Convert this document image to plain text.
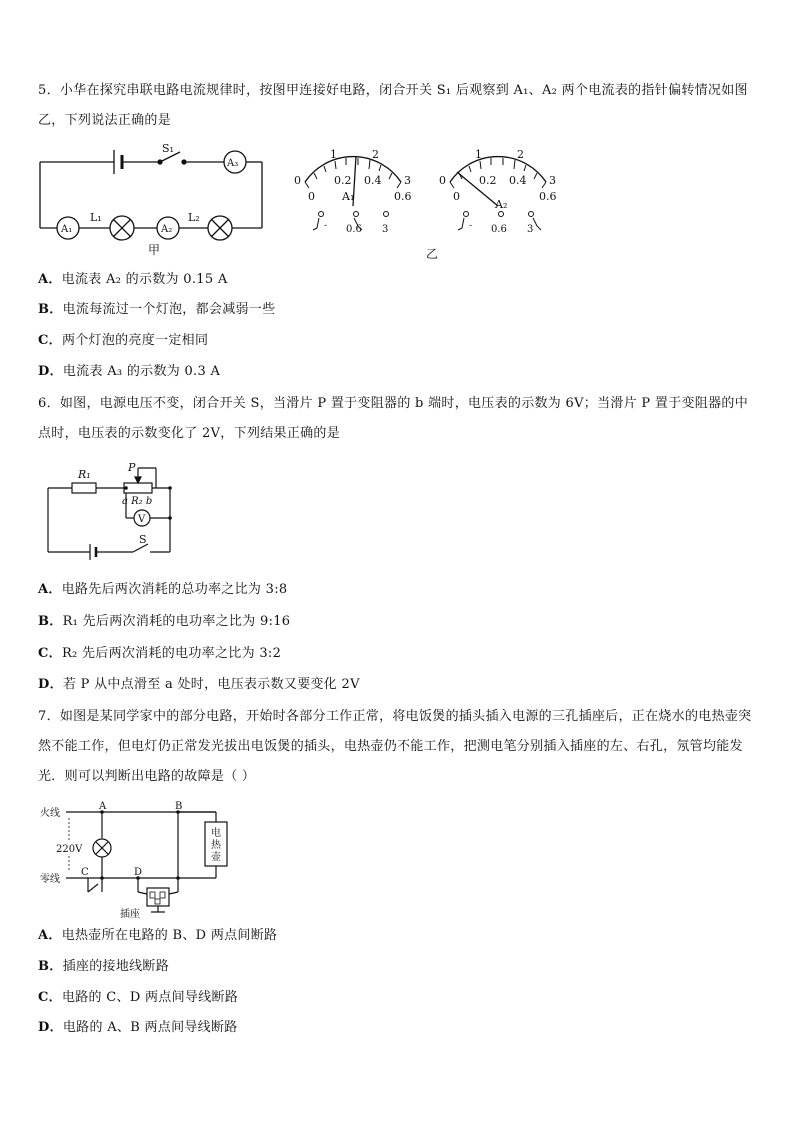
5．小华在探究串联电路电流规律时，按图甲连接好电路，闭合开关 S₁ 后观察到 A₁、A₂ 两个电流表的指针偏转情况如图乙，下列说法正确的是
S₁
A₃
A₁	A₂
L₁	L₂
甲
0
1	2
3
0
0.2 0.4
0.6
A₁
- 0.6 3
0
1	2
3
0
0.2 0.4
0.6
A₂
- 0.6 3
乙
A．电流表 A₂ 的示数为 0.15 A
B．电流每流过一个灯泡，都会减弱一些
C．两个灯泡的亮度一定相同
D．电流表 A₃ 的示数为 0.3 A
6．如图，电源电压不变，闭合开关 S，当滑片 P 置于变阻器的 b 端时，电压表的示数为 6V；当滑片 P 置于变阻器的中点时，电压表的示数变化了 2V，下列结果正确的是
R₁
P
a R₂ b
V
S
A．电路先后两次消耗的总功率之比为 3:8
B．R₁ 先后两次消耗的电功率之比为 9:16
C．R₂ 先后两次消耗的电功率之比为 3:2
D．若 P 从中点滑至 a 处时，电压表示数又要变化 2V
7．如图是某同学家中的部分电路，开始时各部分工作正常，将电饭煲的插头插入电源的三孔插座后，正在烧水的电热壶突然不能工作，但电灯仍正常发光拔出电饭煲的插头，电热壶仍不能工作，把测电笔分别插入插座的左、右孔，氖管均能发光．则可以判断出电路的故障是（ ）
火线
零线
220V
A	B
C	D
插座
电 热 壶
A．电热壶所在电路的 B、D 两点间断路
B．插座的接地线断路
C．电路的 C、D 两点间导线断路
D．电路的 A、B 两点间导线断路
